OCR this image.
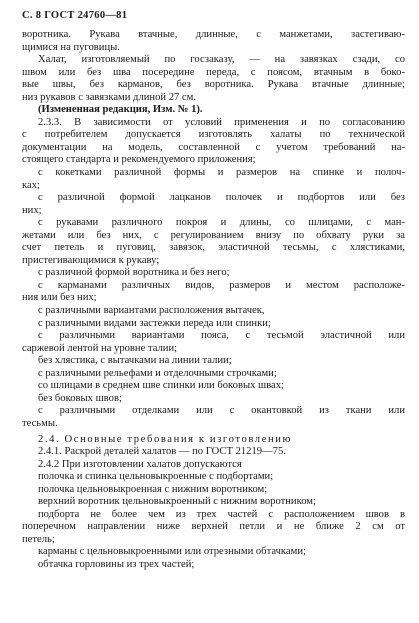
С. 8 ГОСТ 24760—81
воротника. Рукава втачные, длинные, с манжетами, застегиваю-
щимися на пуговицы.
Халат, изготовляемый по госзаказу, — на завязках сзади, со
швом или без шва посередине переда, с поясом, втачным в боко-
вые швы, без карманов, без воротника. Рукава втачные длинные;
низ рукавов с завязками длиной 27 см.
(Измененная редакция, Изм. № 1).
2.3.3. В зависимости от условий применения и по согласованию
с потребителем допускается изготовлять халаты по технической
документации на модель, составленной с учетом требований на-
стоящего стандарта и рекомендуемого приложения;
с кокетками различной формы и размеров на спинке и полоч-
ках;
с различной формой лацканов полочек и подбортов или без
них;
с рукавами различного покроя и длины, со шлицами, с ман-
жетами или без них, с регулированием внизу по обхвату руки за
счет петель и пуговиц, завязок, эластичной тесьмы, с хлястиками,
пристегивающимися к рукаву;
с различной формой воротника и без него;
с карманами различных видов, размеров и местом расположе-
ния или без них;
с различными вариантами расположения вытачек,
с различными видами застежки переда или спинки;
с различными вариантами пояса, с тесьмой эластичной или
саржевой лентой на уровне талии;
без хлястика, с вытачками на линии талии;
с различными рельефами и отделочными строчками;
со шлицами в среднем шве спинки или боковых швах;
без боковых швов;
с различными отделками или с окантовкой из ткани или
тесьмы.
2.4. Основные требования к изготовлению
2.4.1. Раскрой деталей халатов — по ГОСТ 21219—75.
2.4.2 При изготовлении халатов допускаются
полочка и спинка цельновыкроенные с подбортами;
полочка цельновыкроенная с нижним воротником;
верхний воротник цельновыкроенный с нижним воротником;
подборта не более чем из трех частей с расположением швов в
поперечном направлении ниже верхней петли и не ближе 2 см от
петель;
карманы с цельновыкроенными или отрезными обтачками;
обтачка горловины из трех частей;
